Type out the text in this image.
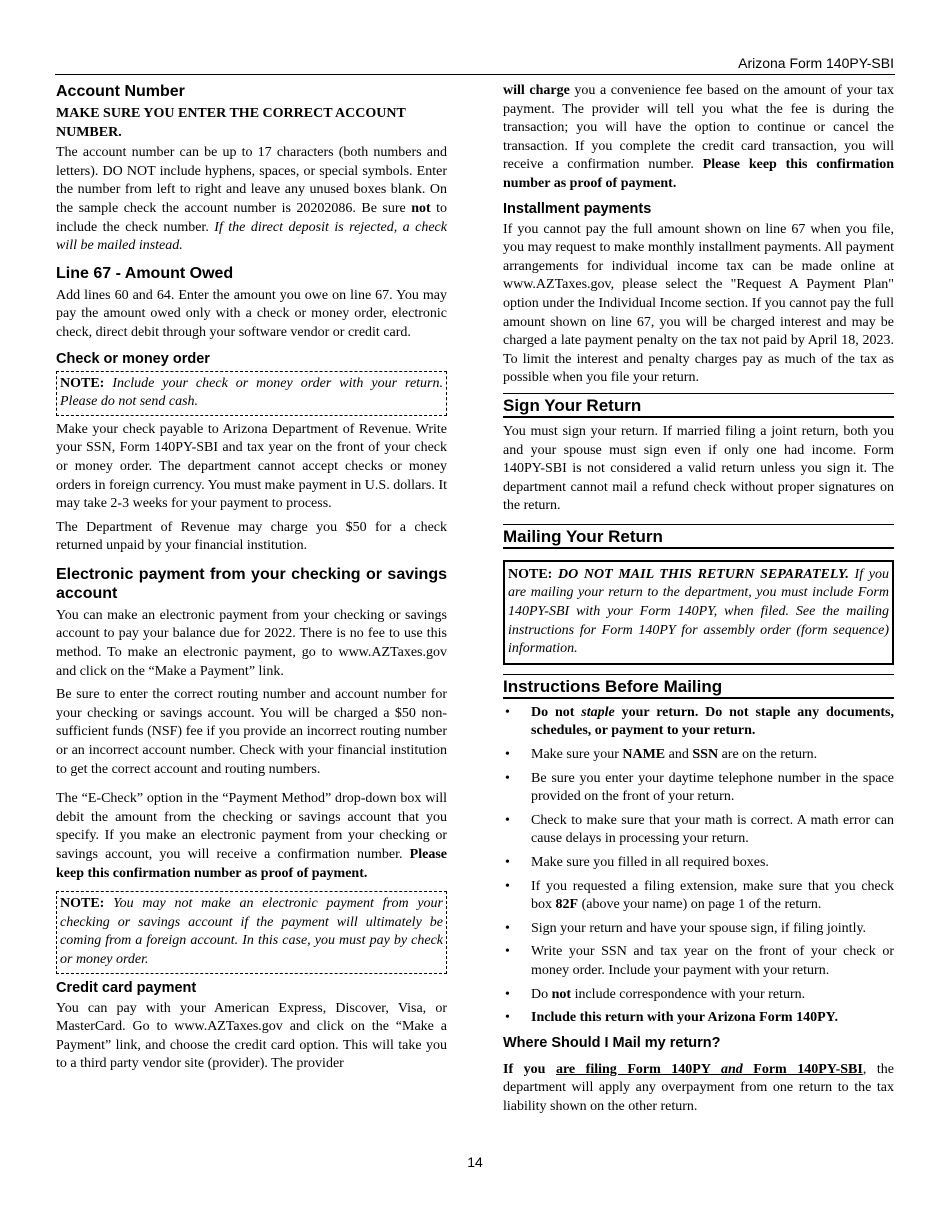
Arizona Form 140PY-SBI
Account Number

MAKE SURE YOU ENTER THE CORRECT ACCOUNT NUMBER.

The account number can be up to 17 characters (both numbers and letters). DO NOT include hyphens, spaces, or special symbols. Enter the number from left to right and leave any unused boxes blank. On the sample check the account number is 20202086. Be sure not to include the check number. If the direct deposit is rejected, a check will be mailed instead.

Line 67 - Amount Owed

Add lines 60 and 64. Enter the amount you owe on line 67. You may pay the amount owed only with a check or money order, electronic check, direct debit through your software vendor or credit card.

Check or money order
NOTE: Include your check or money order with your return. Please do not send cash.

Make your check payable to Arizona Department of Revenue. Write your SSN, Form 140PY-SBI and tax year on the front of your check or money order. The department cannot accept checks or money orders in foreign currency. You must make payment in U.S. dollars. It may take 2-3 weeks for your payment to process.

The Department of Revenue may charge you $50 for a check returned unpaid by your financial institution.

Electronic payment from your checking or savings account

You can make an electronic payment from your checking or savings account to pay your balance due for 2022. There is no fee to use this method. To make an electronic payment, go to www.AZTaxes.gov and click on the “Make a Payment” link.

Be sure to enter the correct routing number and account number for your checking or savings account. You will be charged a $50 non-sufficient funds (NSF) fee if you provide an incorrect routing number or an incorrect account number. Check with your financial institution to get the correct account and routing numbers.

The “E-Check” option in the “Payment Method” drop-down box will debit the amount from the checking or savings account that you specify. If you make an electronic payment from your checking or savings account, you will receive a confirmation number. Please keep this confirmation number as proof of payment.

NOTE: You may not make an electronic payment from your checking or savings account if the payment will ultimately be coming from a foreign account. In this case, you must pay by check or money order.
Credit card payment

You can pay with your American Express, Discover, Visa, or MasterCard. Go to www.AZTaxes.gov and click on the “Make a Payment” link, and choose the credit card option. This will take you to a third party vendor site (provider). The provider

will charge you a convenience fee based on the amount of your tax payment. The provider will tell you what the fee is during the transaction; you will have the option to continue or cancel the transaction. If you complete the credit card transaction, you will receive a confirmation number. Please keep this confirmation number as proof of payment.

Installment payments

If you cannot pay the full amount shown on line 67 when you file, you may request to make monthly installment payments. All payment arrangements for individual income tax can be made online at www.AZTaxes.gov, please select the "Request A Payment Plan" option under the Individual Income section. If you cannot pay the full amount shown on line 67, you will be charged interest and may be charged a late payment penalty on the tax not paid by April 18, 2023. To limit the interest and penalty charges pay as much of the tax as possible when you file your return.

Sign Your Return

You must sign your return. If married filing a joint return, both you and your spouse must sign even if only one had income. Form 140PY-SBI is not considered a valid return unless you sign it. The department cannot mail a refund check without proper signatures on the return.

Mailing Your Return
NOTE: DO NOT MAIL THIS RETURN SEPARATELY. If you are mailing your return to the department, you must include Form 140PY-SBI with your Form 140PY, when filed. See the mailing instructions for Form 140PY for assembly order (form sequence) information.
Instructions Before Mailing
• Do not staple your return. Do not staple any documents, schedules, or payment to your return.
• Make sure your NAME and SSN are on the return.
• Be sure you enter your daytime telephone number in the space provided on the front of your return.
• Check to make sure that your math is correct. A math error can cause delays in processing your return.
• Make sure you filled in all required boxes.
• If you requested a filing extension, make sure that you check box 82F (above your name) on page 1 of the return.
• Sign your return and have your spouse sign, if filing jointly.
• Write your SSN and tax year on the front of your check or money order. Include your payment with your return.
• Do not include correspondence with your return.
• Include this return with your Arizona Form 140PY.
Where Should I Mail my return?

If you are filing Form 140PY and Form 140PY-SBI, the department will apply any overpayment from one return to the tax liability shown on the other return.

14
